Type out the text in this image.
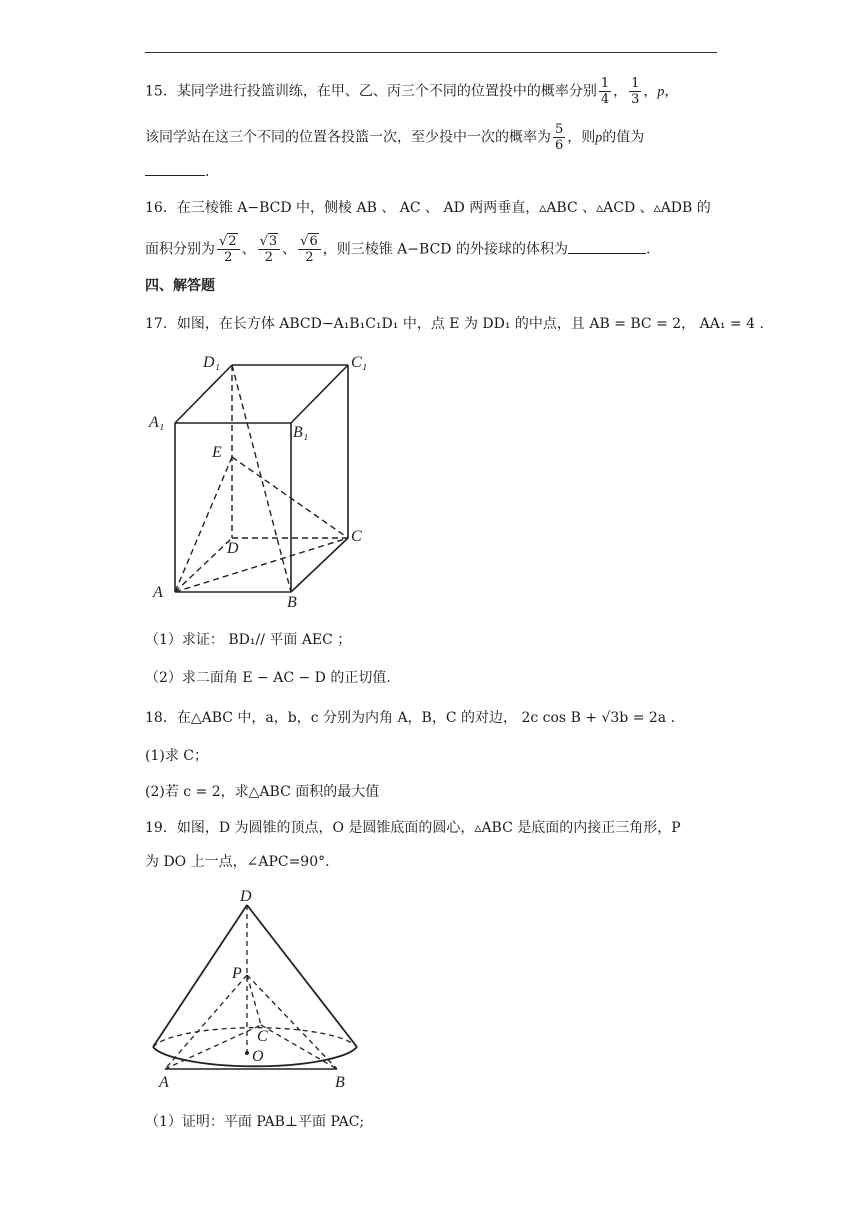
15．某同学进行投篮训练，在甲、乙、丙三个不同的位置投中的概率分别 $\frac{1}{4}$ ， $\frac{1}{3}$ ，p，
该同学站在这三个不同的位置各投篮一次，至少投中一次的概率为 $\frac{5}{6}$ ，则p的值为
.
16．在三棱锥 A−BCD 中，侧棱 AB 、 AC 、 AD 两两垂直，▵ABC 、▵ACD 、▵ADB 的
面积分别为 $\frac{√2}{2}$ 、 $\frac{√3}{2}$ 、 $\frac{√6}{2}$ ，则三棱锥 A−BCD 的外接球的体积为	.
四、解答题
17．如图，在长方体 ABCD−A₁B₁C₁D₁ 中，点 E 为 DD₁ 的中点，且 AB = BC = 2， AA₁ = 4 .
D₁	C₁
A₁
B₁
E
D
C
A
B
（1）求证： BD₁// 平面 AEC ；
（2）求二面角 E − AC − D 的正切值.
18．在△ABC 中，a，b，c 分别为内角 A，B，C 的对边， 2c cos B + √3b = 2a .
(1)求 C；
(2)若 c = 2，求△ABC 面积的最大值
19．如图，D 为圆锥的顶点，O 是圆锥底面的圆心，▵ABC 是底面的内接正三角形，P
为 DO 上一点，∠APC=90°.
D
P
C
O
A	B
（1）证明：平面 PAB⊥平面 PAC;
